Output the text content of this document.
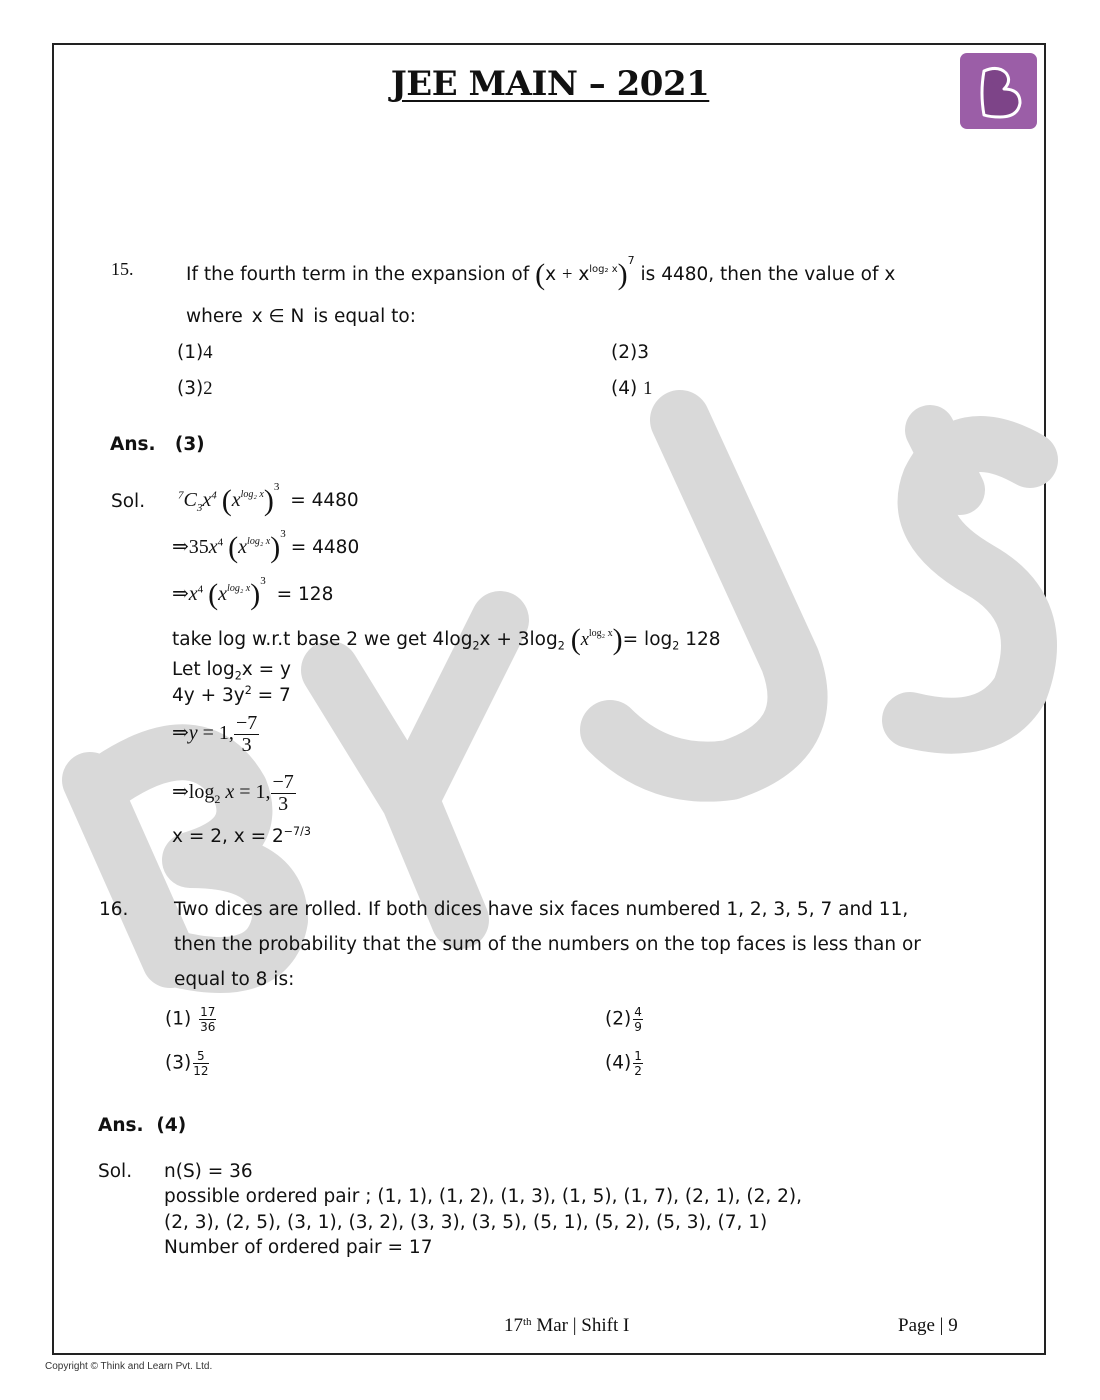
JEE MAIN – 2021
15.	If the fourth term in the expansion of $(x + x^{log_2 x})^7$ is 4480, then the value of x
where x ∈ N is equal to:
(1)4	(2)3
(3)2	(4) 1
Ans. (3)
Sol.	$^7C_3x^4$ $(x^{log_2 x})^3 = 4480$
$\Rightarrow 35x^4$ $(x^{log_2 x})^3 = 4480$
$\Rightarrow x^4$ $(x^{log_2 x})^3 = 128$
take log w.r.t base 2 we get $4\log_2x + 3\log_2$ $(x^{log_2 x})= \log_2 128$
Let $\log_2x = y$
$4y + 3y^2 = 7$
⇒y = 1, $\frac{-7}{3}$
$\Rightarrow\log_2$ x = 1, $\frac{-7}{3}$
x = 2, $x = 2^{-7/3}$
16. Two dices are rolled. If both dices have six faces numbered 1, 2, 3, 5, 7 and 11,
then the probability that the sum of the numbers on the top faces is less than or
equal to 8 is:
$(1) \frac{17}{36}$	$(2) \frac{4}{9}$
$(3) \frac{5}{12}$	$(4) \frac{1}{2}$
Ans. (4)
Sol. n(S) = 36
possible ordered pair ; (1, 1), (1, 2), (1, 3), (1, 5), (1, 7), (2, 1), (2, 2),
(2, 3), (2, 5), (3, 1), (3, 2), (3, 3), (3, 5), (5, 1), (5, 2), (5, 3), (7, 1)
Number of ordered pair = 17
17th Mar | Shift I	Page | 9
Copyright © Think and Learn Pvt. Ltd.
